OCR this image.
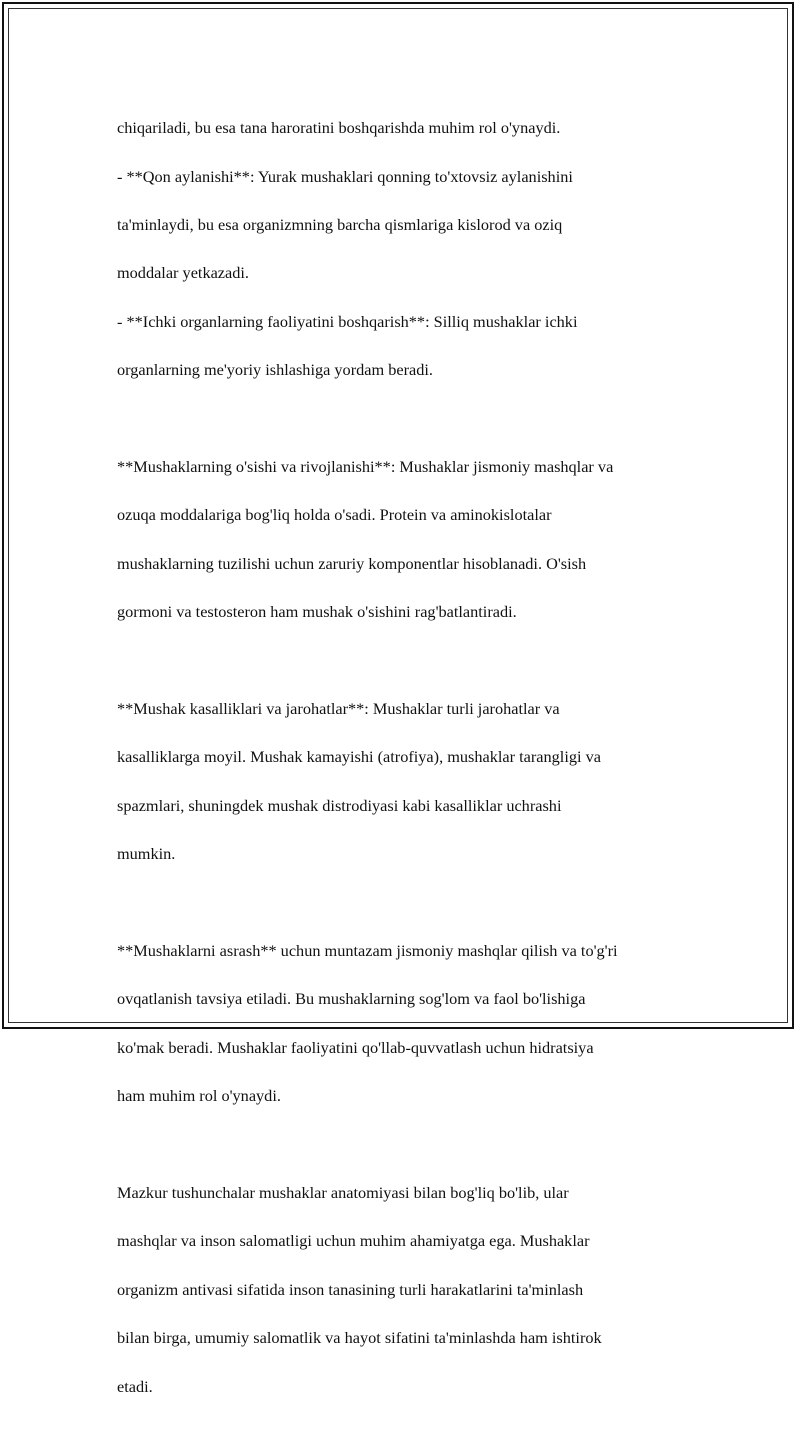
chiqariladi, bu esa tana haroratini boshqarishda muhim rol o'ynaydi.

- **Qon aylanishi**: Yurak mushaklari qonning to'xtovsiz aylanishini

ta'minlaydi, bu esa organizmning barcha qismlariga kislorod va oziq

moddalar yetkazadi.

- **Ichki organlarning faoliyatini boshqarish**: Silliq mushaklar ichki

organlarning me'yoriy ishlashiga yordam beradi.

**Mushaklarning o'sishi va rivojlanishi**: Mushaklar jismoniy mashqlar va

ozuqa moddalariga bog'liq holda o'sadi. Protein va aminokislotalar

mushaklarning tuzilishi uchun zaruriy komponentlar hisoblanadi. O'sish

gormoni va testosteron ham mushak o'sishini rag'batlantiradi.

**Mushak kasalliklari va jarohatlar**: Mushaklar turli jarohatlar va

kasalliklarga moyil. Mushak kamayishi (atrofiya), mushaklar tarangligi va

spazmlari, shuningdek mushak distrodiyasi kabi kasalliklar uchrashi

mumkin.

**Mushaklarni asrash** uchun muntazam jismoniy mashqlar qilish va to'g'ri

ovqatlanish tavsiya etiladi. Bu mushaklarning sog'lom va faol bo'lishiga

ko'mak beradi. Mushaklar faoliyatini qo'llab-quvvatlash uchun hidratsiya

ham muhim rol o'ynaydi.

Mazkur tushunchalar mushaklar anatomiyasi bilan bog'liq bo'lib, ular

mashqlar va inson salomatligi uchun muhim ahamiyatga ega. Mushaklar

organizm antivasi sifatida inson tanasining turli harakatlarini ta'minlash

bilan birga, umumiy salomatlik va hayot sifatini ta'minlashda ham ishtirok

etadi.
